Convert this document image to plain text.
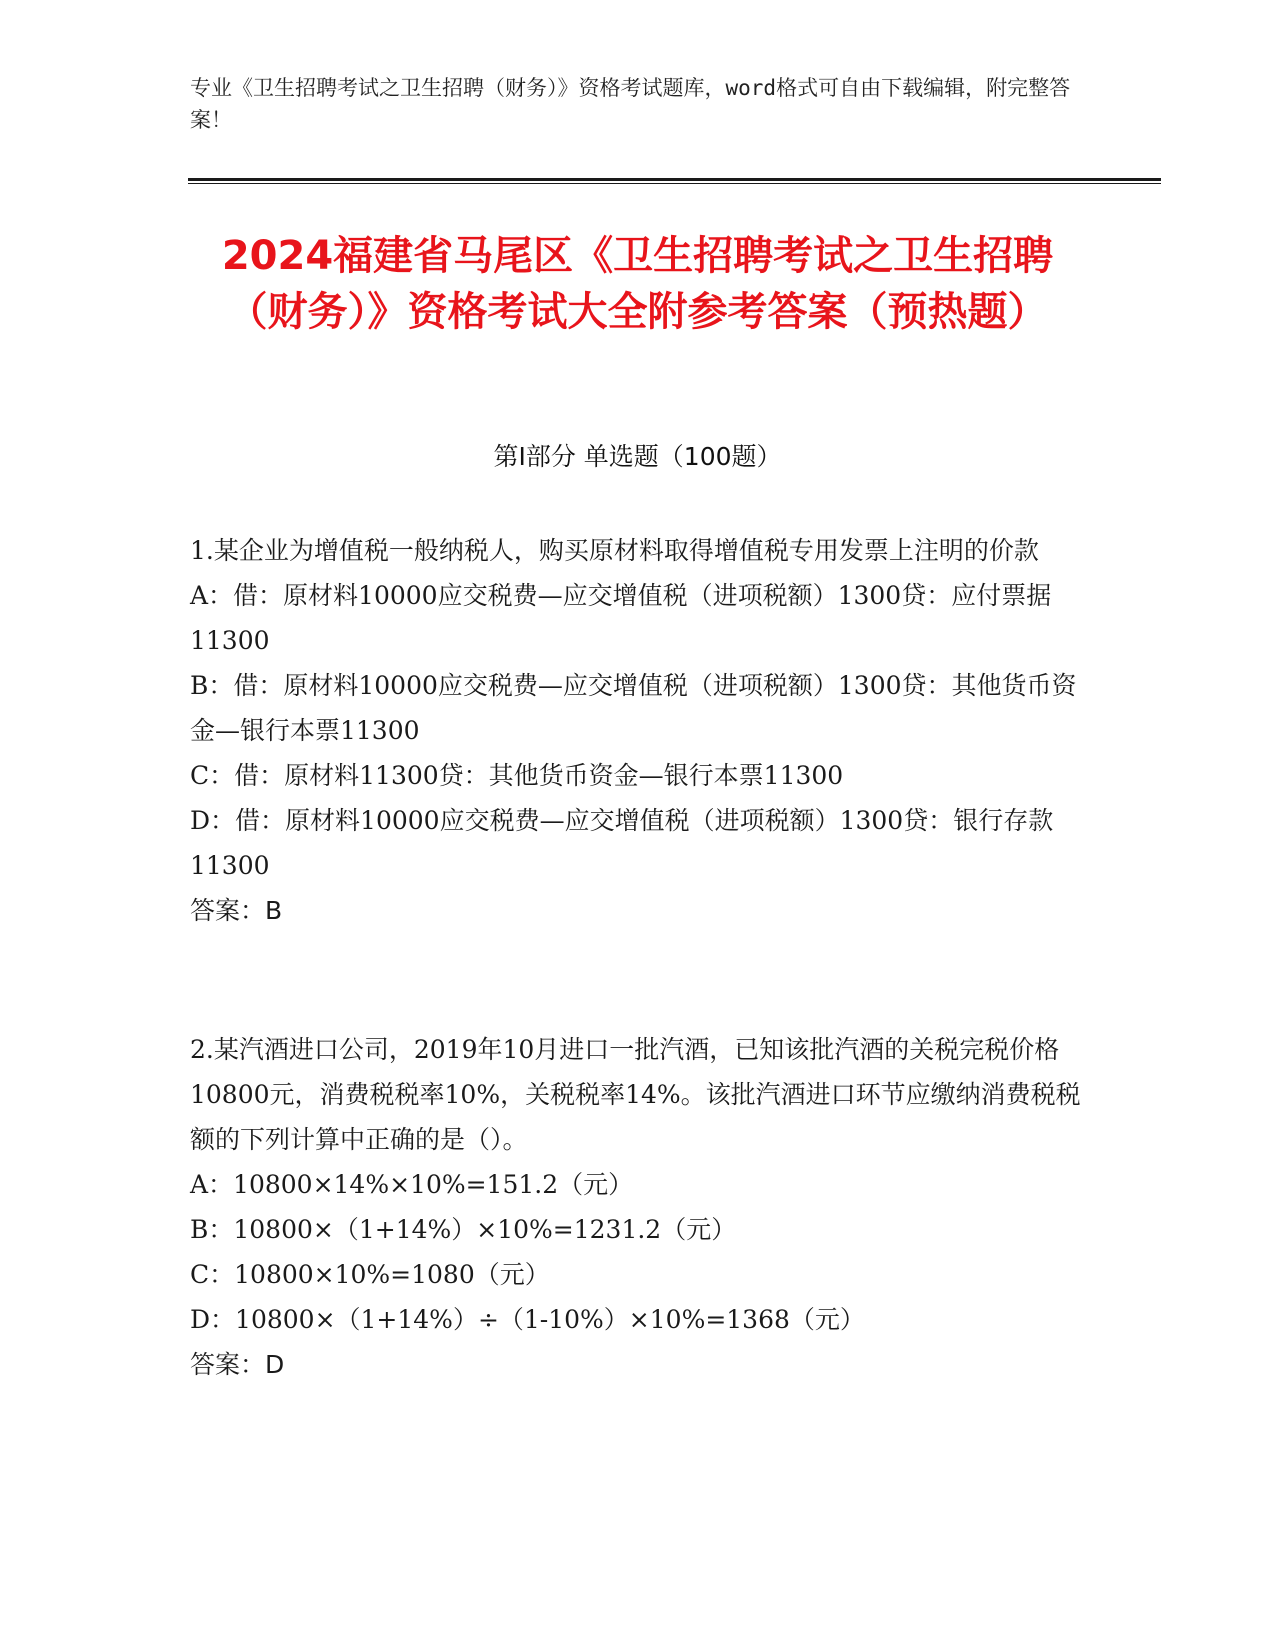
专业《卫生招聘考试之卫生招聘（财务）》资格考试题库，word格式可自由下载编辑，附完整答案！
2024福建省马尾区《卫生招聘考试之卫生招聘（财务）》资格考试大全附参考答案（预热题）
第I部分 单选题（100题）

1.某企业为增值税一般纳税人，购买原材料取得增值税专用发票上注明的价款

A：借：原材料10000应交税费—应交增值税（进项税额）1300贷：应付票据11300

B：借：原材料10000应交税费—应交增值税（进项税额）1300贷：其他货币资金—银行本票11300

C：借：原材料11300贷：其他货币资金—银行本票11300

D：借：原材料10000应交税费—应交增值税（进项税额）1300贷：银行存款11300

答案：B

2.某汽酒进口公司，2019年10月进口一批汽酒，已知该批汽酒的关税完税价格10800元，消费税税率10%，关税税率14%。该批汽酒进口环节应缴纳消费税税额的下列计算中正确的是（）。

A：10800×14%×10%=151.2（元）

B：10800×（1+14%）×10%=1231.2（元）

C：10800×10%=1080（元）

D：10800×（1+14%）÷（1-10%）×10%=1368（元）

答案：D
